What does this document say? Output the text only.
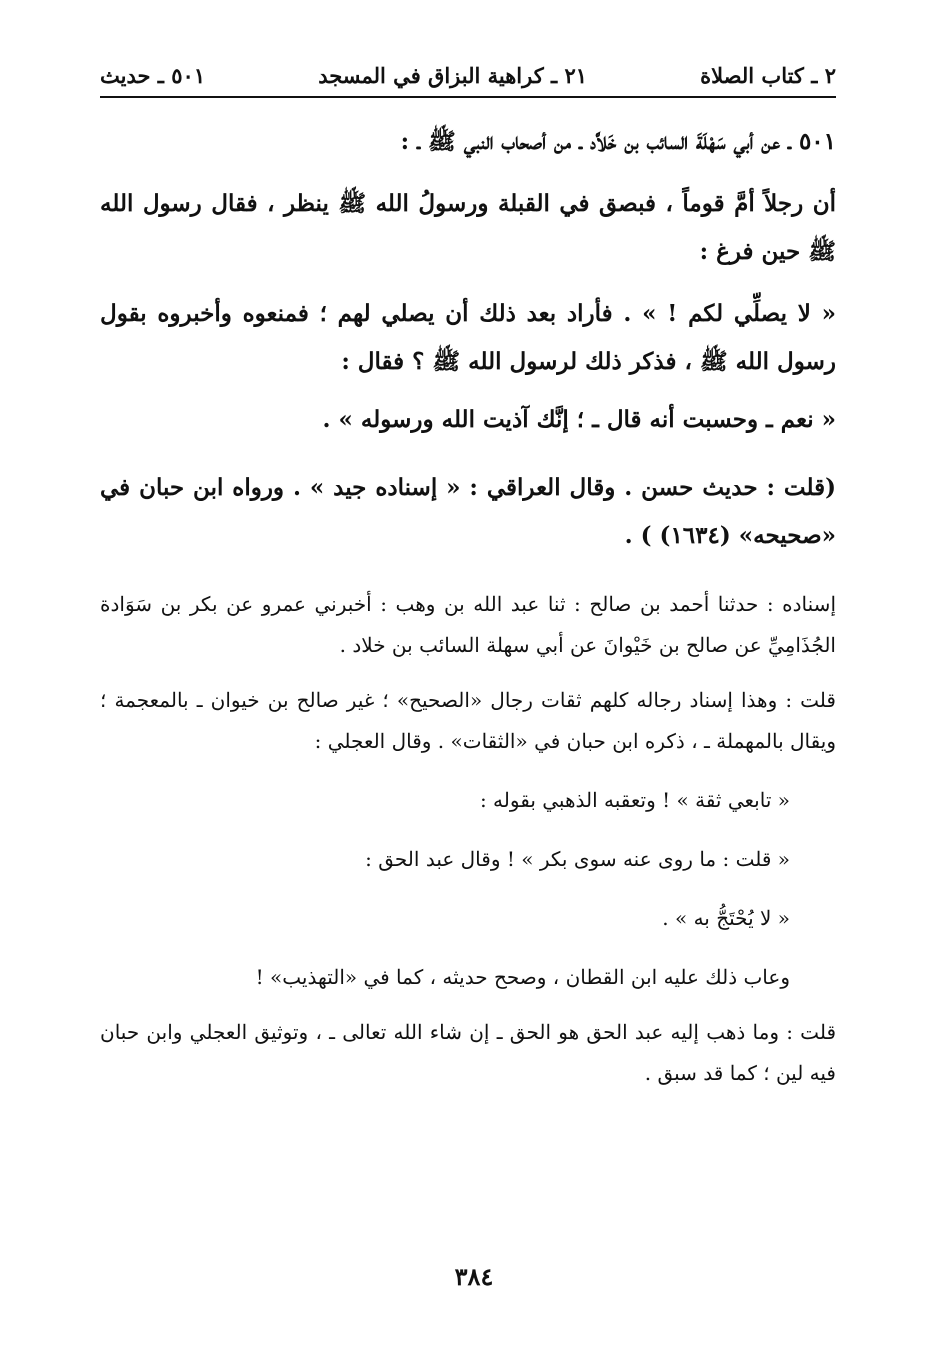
٢ ـ كتاب الصلاة
٢١ ـ كراهية البزاق في المسجد
٥٠١ ـ حديث

٥٠١ ـ عن أبي سَهْلَةَ السائب بن خَلاَّد ـ من أصحاب النبي ﷺ ـ :

أن رجلاً أمَّ قوماً ، فبصق في القبلة ورسولُ الله ﷺ ينظر ، فقال رسول الله ﷺ حين فرغ :

« لا يصلِّي لكم ! » . فأراد بعد ذلك أن يصلي لهم ؛ فمنعوه وأخبروه بقول رسول الله ﷺ ، فذكر ذلك لرسول الله ﷺ ؟ فقال :

« نعم ـ وحسبت أنه قال ـ ؛ إنَّك آذيت الله ورسوله » .

(قلت : حديث حسن . وقال العراقي : « إسناده جيد » . ورواه ابن حبان في «صحيحه» (١٦٣٤) ) .

إسناده : حدثنا أحمد بن صالح : ثنا عبد الله بن وهب : أخبرني عمرو عن بكر بن سَوَادة الجُذَامِيِّ عن صالح بن خَيْوانَ عن أبي سهلة السائب بن خلاد .

قلت : وهذا إسناد رجاله كلهم ثقات رجال «الصحيح» ؛ غير صالح بن خيوان ـ بالمعجمة ؛ ويقال بالمهملة ـ ، ذكره ابن حبان في «الثقات» . وقال العجلي :

« تابعي ثقة » ! وتعقبه الذهبي بقوله :

« قلت : ما روى عنه سوى بكر » ! وقال عبد الحق :

« لا يُحْتَجُّ به » .

وعاب ذلك عليه ابن القطان ، وصحح حديثه ، كما في «التهذيب» !

قلت : وما ذهب إليه عبد الحق هو الحق ـ إن شاء الله تعالى ـ ، وتوثيق العجلي وابن حبان فيه لين ؛ كما قد سبق .

٣٨٤
